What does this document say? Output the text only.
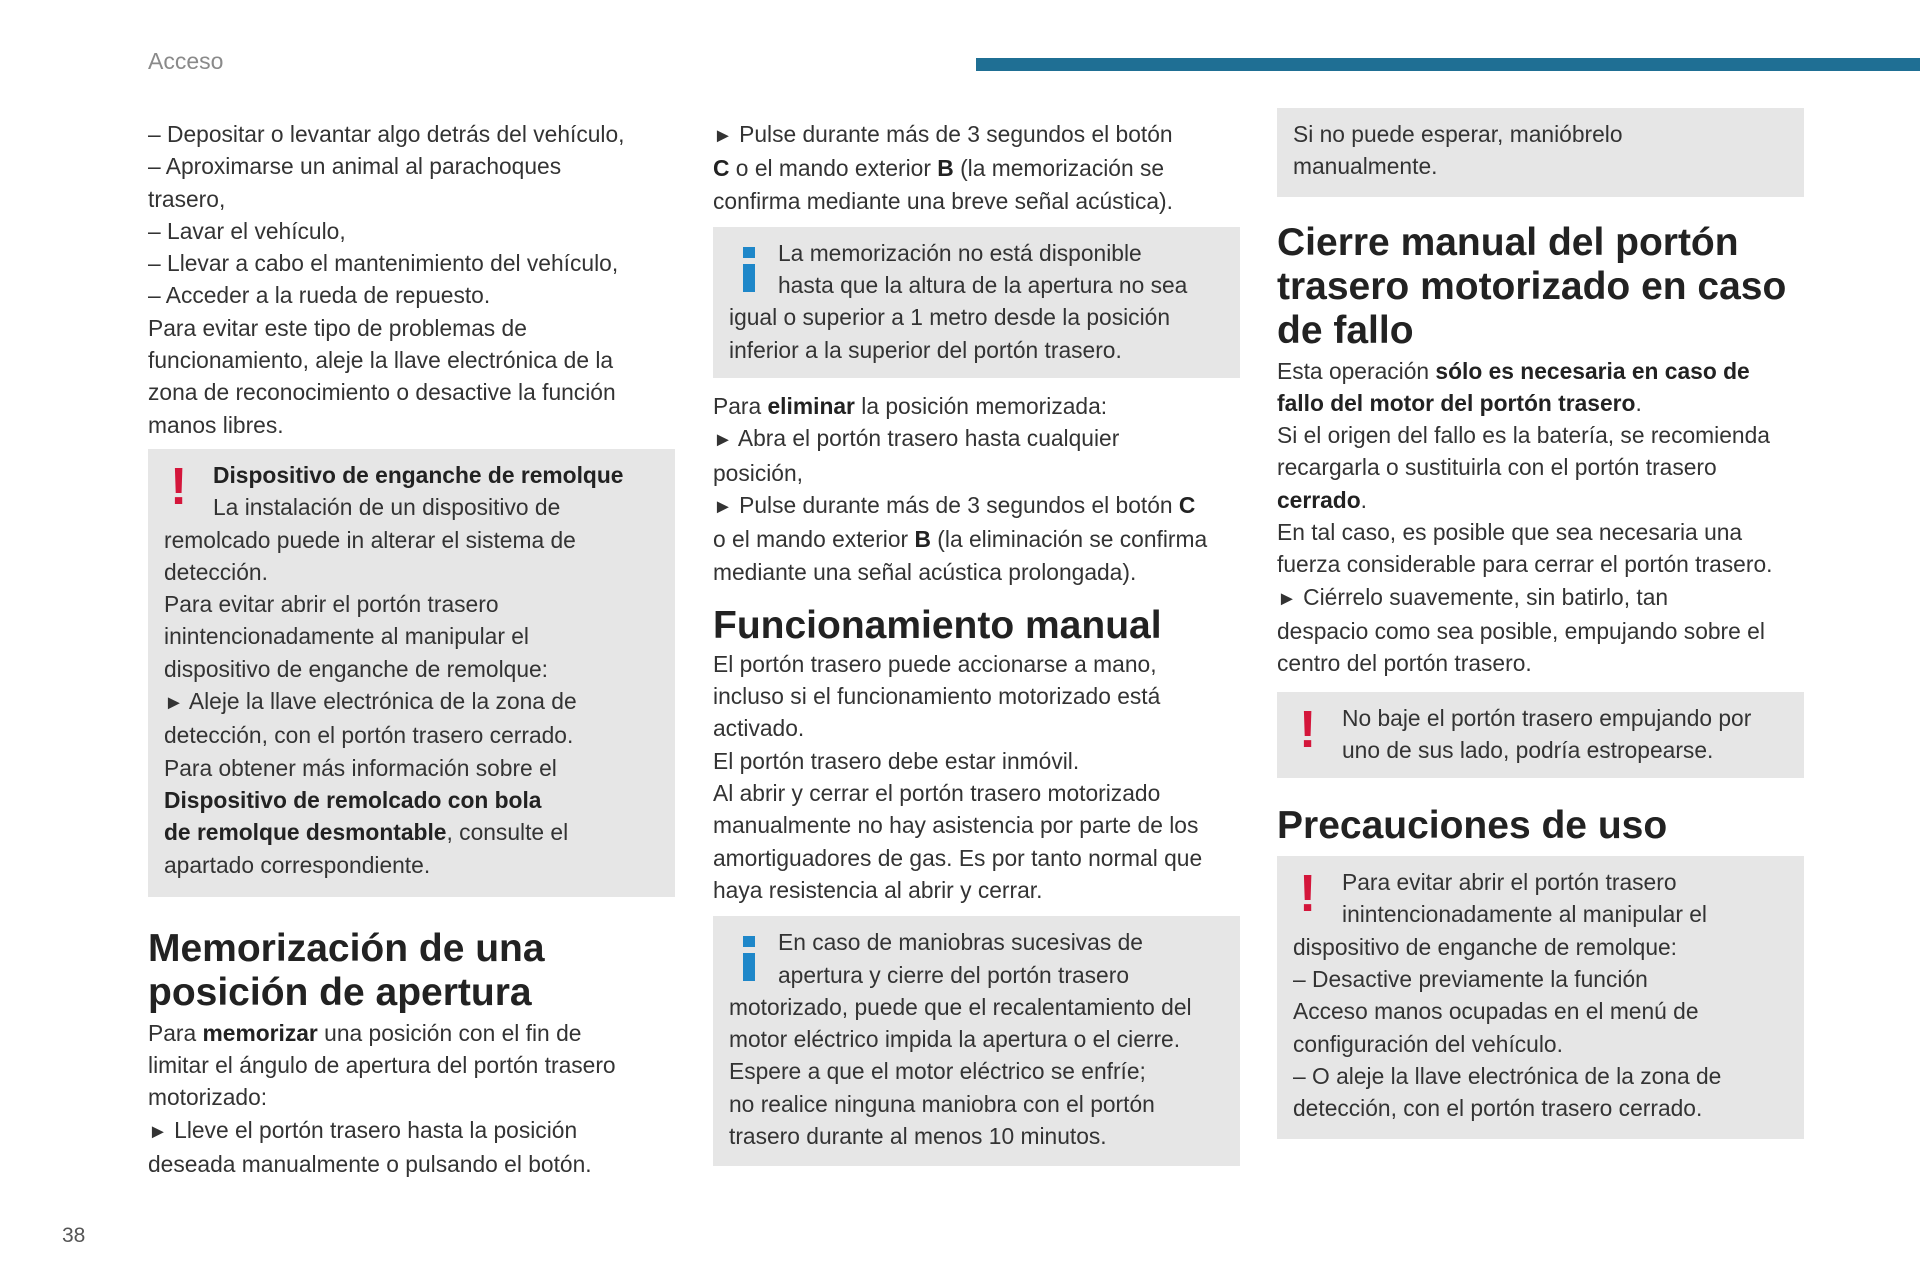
Acceso
38
– Depositar o levantar algo detrás del vehículo,
– Aproximarse un animal al parachoques
trasero,
– Lavar el vehículo,
– Llevar a cabo el mantenimiento del vehículo,
– Acceder a la rueda de repuesto.
Para evitar este tipo de problemas de
funcionamiento, aleje la llave electrónica de la
zona de reconocimiento o desactive la función
manos libres.
!	Dispositivo de enganche de remolque
La instalación de un dispositivo de
remolcado puede in alterar el sistema de
detección.
Para evitar abrir el portón trasero
inintencionadamente al manipular el
dispositivo de enganche de remolque:
► Aleje la llave electrónica de la zona de
detección, con el portón trasero cerrado.
Para obtener más información sobre el
Dispositivo de remolcado con bola
de remolque desmontable, consulte el
apartado correspondiente.
Memorización de una
posición de apertura
Para memorizar una posición con el fin de
limitar el ángulo de apertura del portón trasero
motorizado:
► Lleve el portón trasero hasta la posición
deseada manualmente o pulsando el botón.
► Pulse durante más de 3 segundos el botón
C o el mando exterior B (la memorización se
confirma mediante una breve señal acústica).
La memorización no está disponible
hasta que la altura de la apertura no sea
igual o superior a 1 metro desde la posición
inferior a la superior del portón trasero.
Para eliminar la posición memorizada:
► Abra el portón trasero hasta cualquier
posición,
► Pulse durante más de 3 segundos el botón C
o el mando exterior B (la eliminación se confirma
mediante una señal acústica prolongada).
Funcionamiento manual
El portón trasero puede accionarse a mano,
incluso si el funcionamiento motorizado está
activado.
El portón trasero debe estar inmóvil.
Al abrir y cerrar el portón trasero motorizado
manualmente no hay asistencia por parte de los
amortiguadores de gas. Es por tanto normal que
haya resistencia al abrir y cerrar.
En caso de maniobras sucesivas de
apertura y cierre del portón trasero
motorizado, puede que el recalentamiento del
motor eléctrico impida la apertura o el cierre.
Espere a que el motor eléctrico se enfríe;
no realice ninguna maniobra con el portón
trasero durante al menos 10 minutos.
Si no puede esperar, manióbrelo
manualmente.
Cierre manual del portón
trasero motorizado en caso
de fallo
Esta operación sólo es necesaria en caso de
fallo del motor del portón trasero.
Si el origen del fallo es la batería, se recomienda
recargarla o sustituirla con el portón trasero
cerrado.
En tal caso, es posible que sea necesaria una
fuerza considerable para cerrar el portón trasero.
► Ciérrelo suavemente, sin batirlo, tan
despacio como sea posible, empujando sobre el
centro del portón trasero.
!	No baje el portón trasero empujando por
uno de sus lado, podría estropearse.
Precauciones de uso
!	Para evitar abrir el portón trasero
inintencionadamente al manipular el
dispositivo de enganche de remolque:
– Desactive previamente la función
Acceso manos ocupadas en el menú de
configuración del vehículo.
– O aleje la llave electrónica de la zona de
detección, con el portón trasero cerrado.
